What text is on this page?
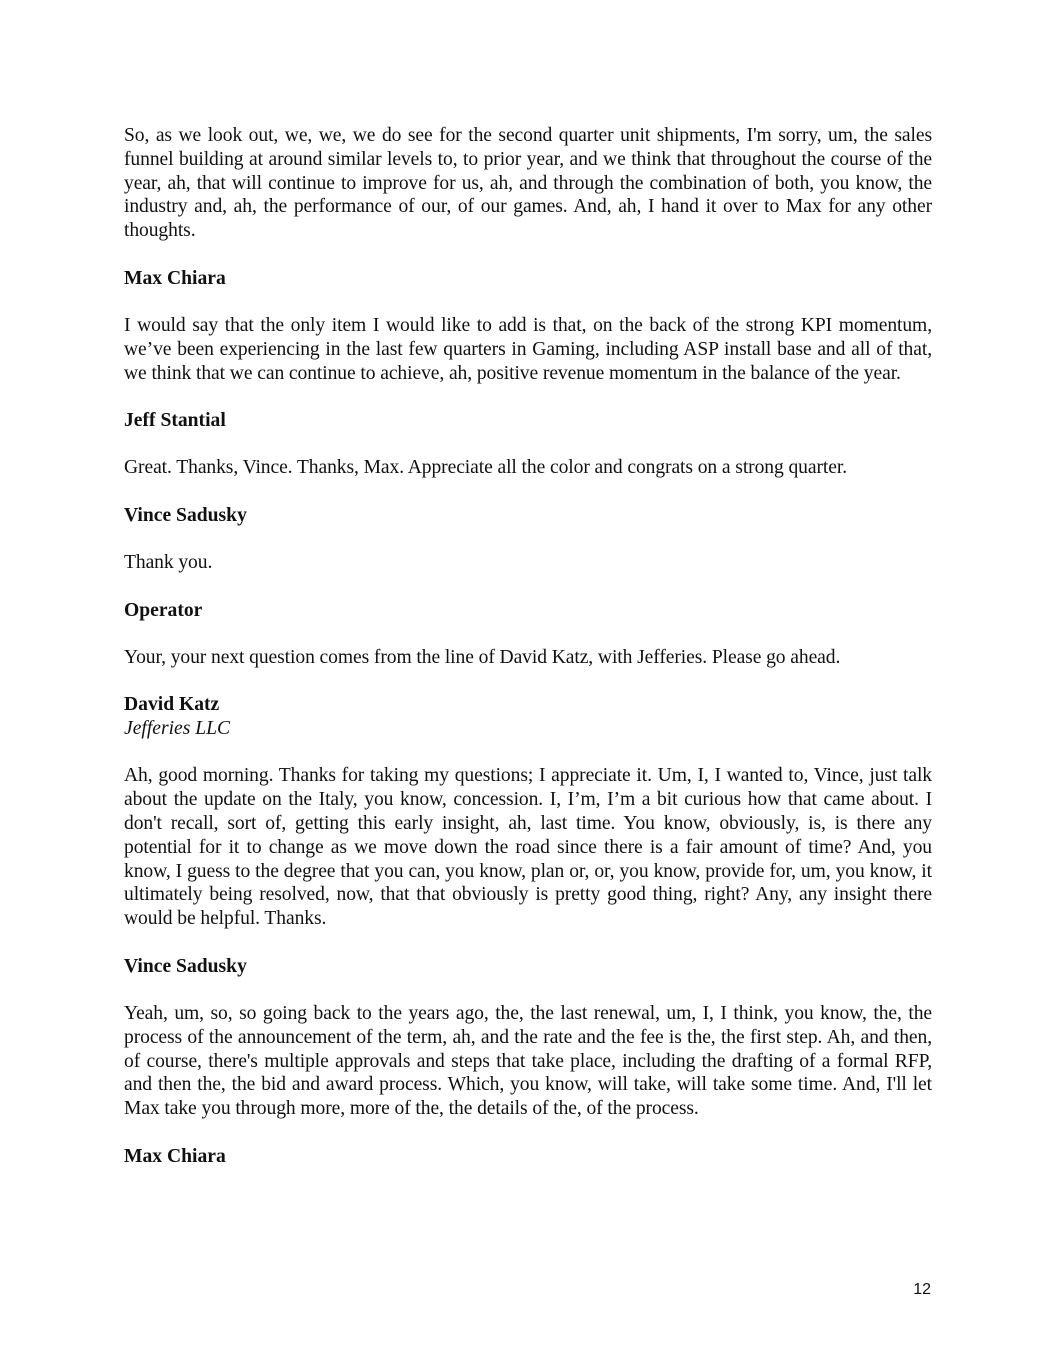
So, as we look out, we, we, we do see for the second quarter unit shipments, I'm sorry, um, the sales funnel building at around similar levels to, to prior year, and we think that throughout the course of the year, ah, that will continue to improve for us, ah, and through the combination of both, you know, the industry and, ah, the performance of our, of our games. And, ah, I hand it over to Max for any other thoughts.

Max Chiara

I would say that the only item I would like to add is that, on the back of the strong KPI momentum, we’ve been experiencing in the last few quarters in Gaming, including ASP install base and all of that, we think that we can continue to achieve, ah, positive revenue momentum in the balance of the year.

Jeff Stantial

Great. Thanks, Vince. Thanks, Max. Appreciate all the color and congrats on a strong quarter.

Vince Sadusky

Thank you.

Operator

Your, your next question comes from the line of David Katz, with Jefferies. Please go ahead.

David Katz

Jefferies LLC

Ah, good morning. Thanks for taking my questions; I appreciate it. Um, I, I wanted to, Vince, just talk about the update on the Italy, you know, concession. I, I’m, I’m a bit curious how that came about. I don't recall, sort of, getting this early insight, ah, last time. You know, obviously, is, is there any potential for it to change as we move down the road since there is a fair amount of time? And, you know, I guess to the degree that you can, you know, plan or, or, you know, provide for, um, you know, it ultimately being resolved, now, that that obviously is pretty good thing, right? Any, any insight there would be helpful. Thanks.

Vince Sadusky

Yeah, um, so, so going back to the years ago, the, the last renewal, um, I, I think, you know, the, the process of the announcement of the term, ah, and the rate and the fee is the, the first step. Ah, and then, of course, there's multiple approvals and steps that take place, including the drafting of a formal RFP, and then the, the bid and award process. Which, you know, will take, will take some time. And, I'll let Max take you through more, more of the, the details of the, of the process.

Max Chiara

12
